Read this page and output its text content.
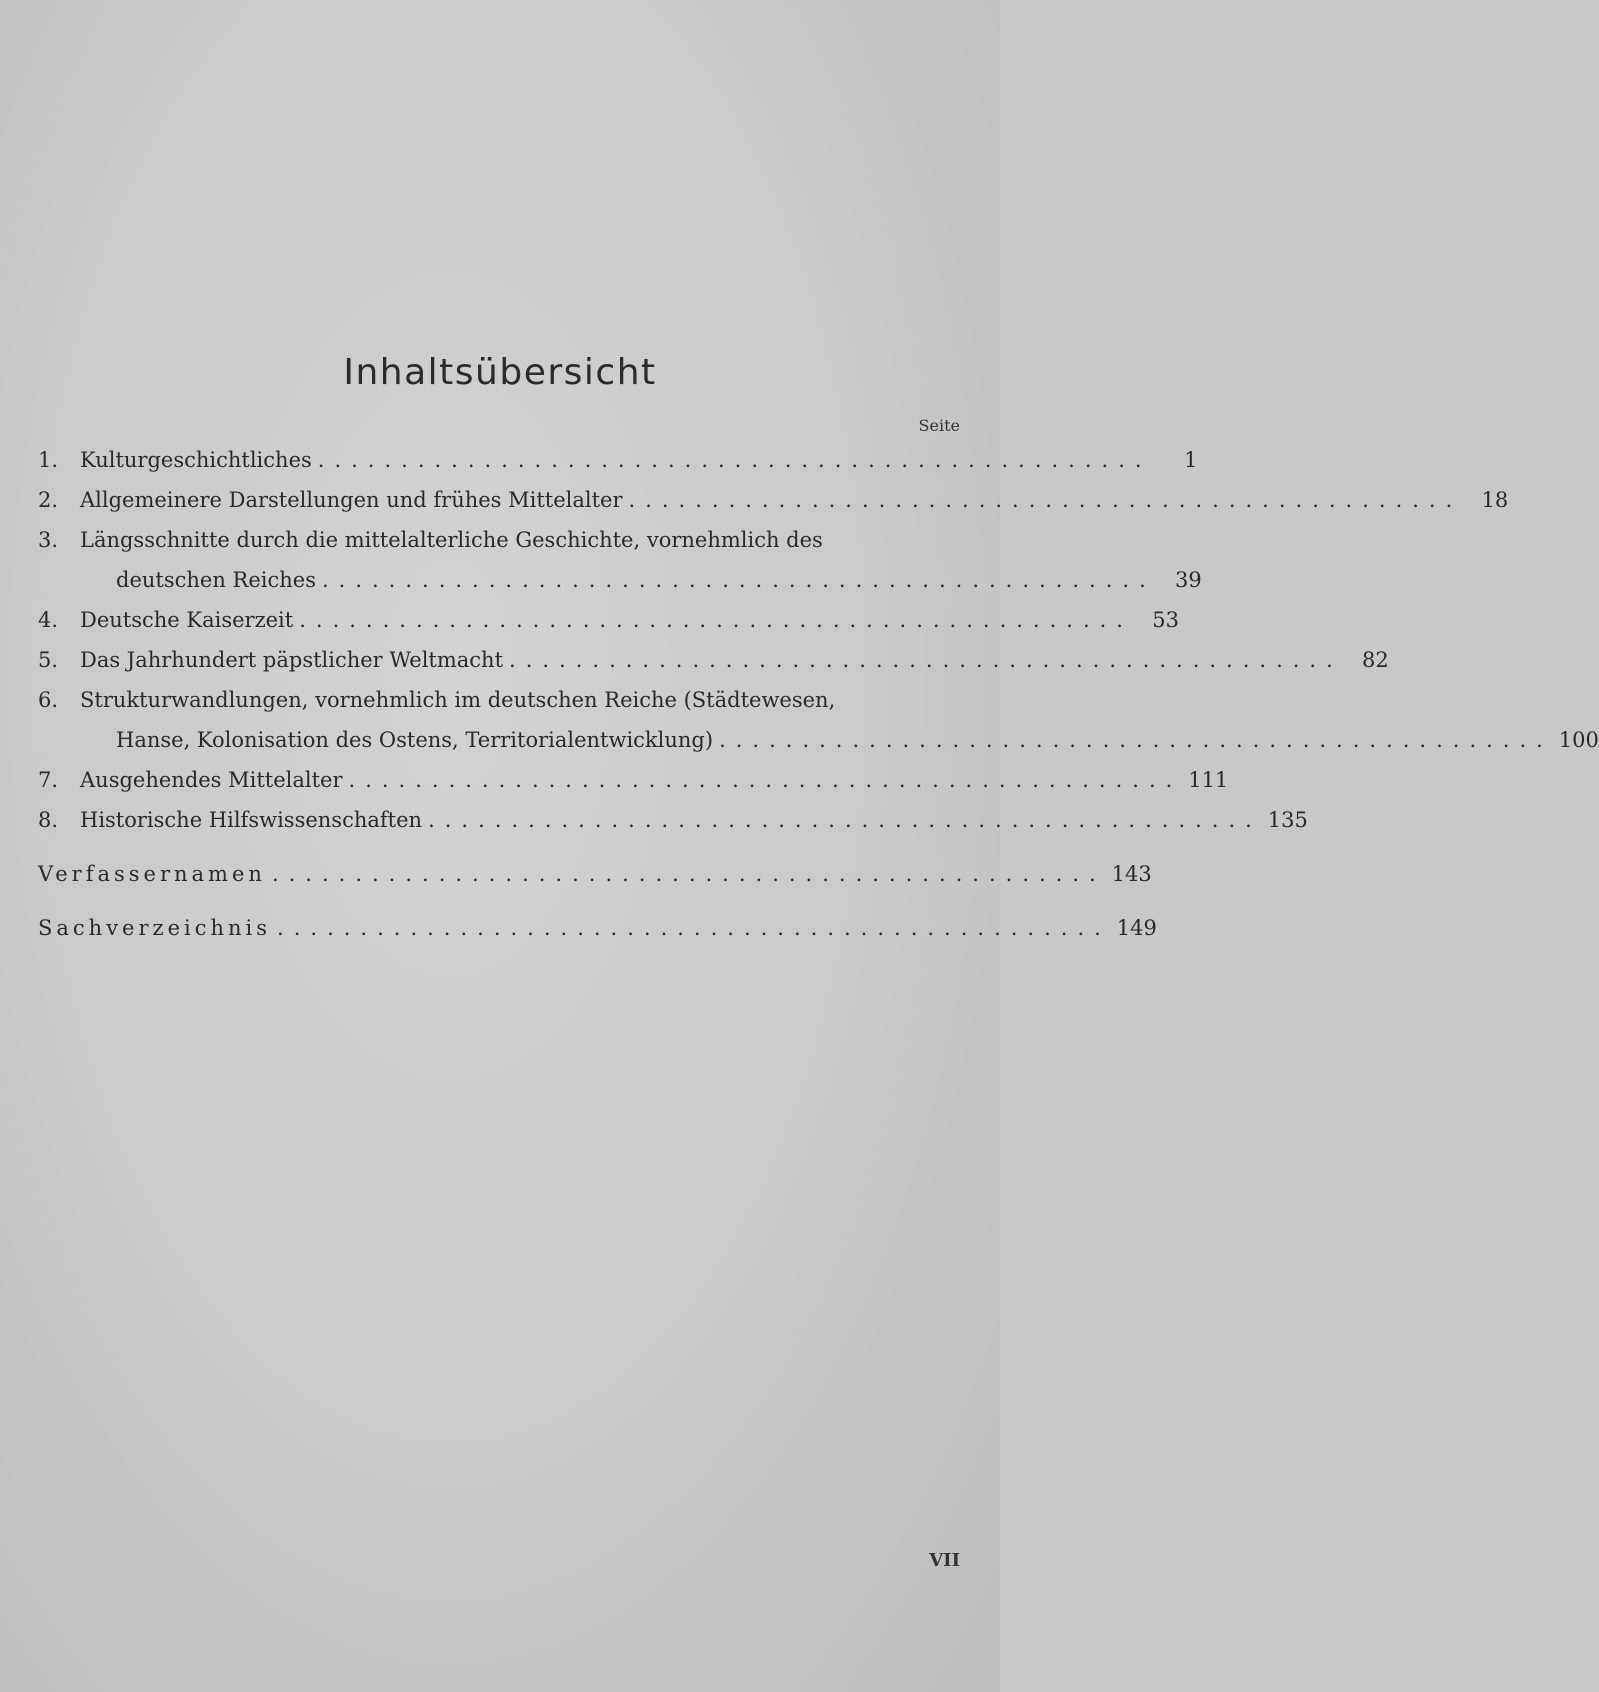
Inhaltsübersicht
Seite
1.	Kulturgeschichtliches ..................................................	1
2.	Allgemeinere Darstellungen und frühes Mittelalter .................................................. 18
3.	Längsschnitte durch die mittelalterliche Geschichte, vornehmlich des
deutschen Reiches .................................................. 39
4.	Deutsche Kaiserzeit .................................................. 53
5.	Das Jahrhundert päpstlicher Weltmacht .................................................. 82
6.	Strukturwandlungen, vornehmlich im deutschen Reiche (Städtewesen,
Hanse, Kolonisation des Ostens, Territorialentwicklung) .................................................. 100
7.	Ausgehendes Mittelalter .................................................. 111
8.	Historische Hilfswissenschaften .................................................. 135
Verfassernamen .................................................. 143
Sachverzeichnis .................................................. 149
VII
